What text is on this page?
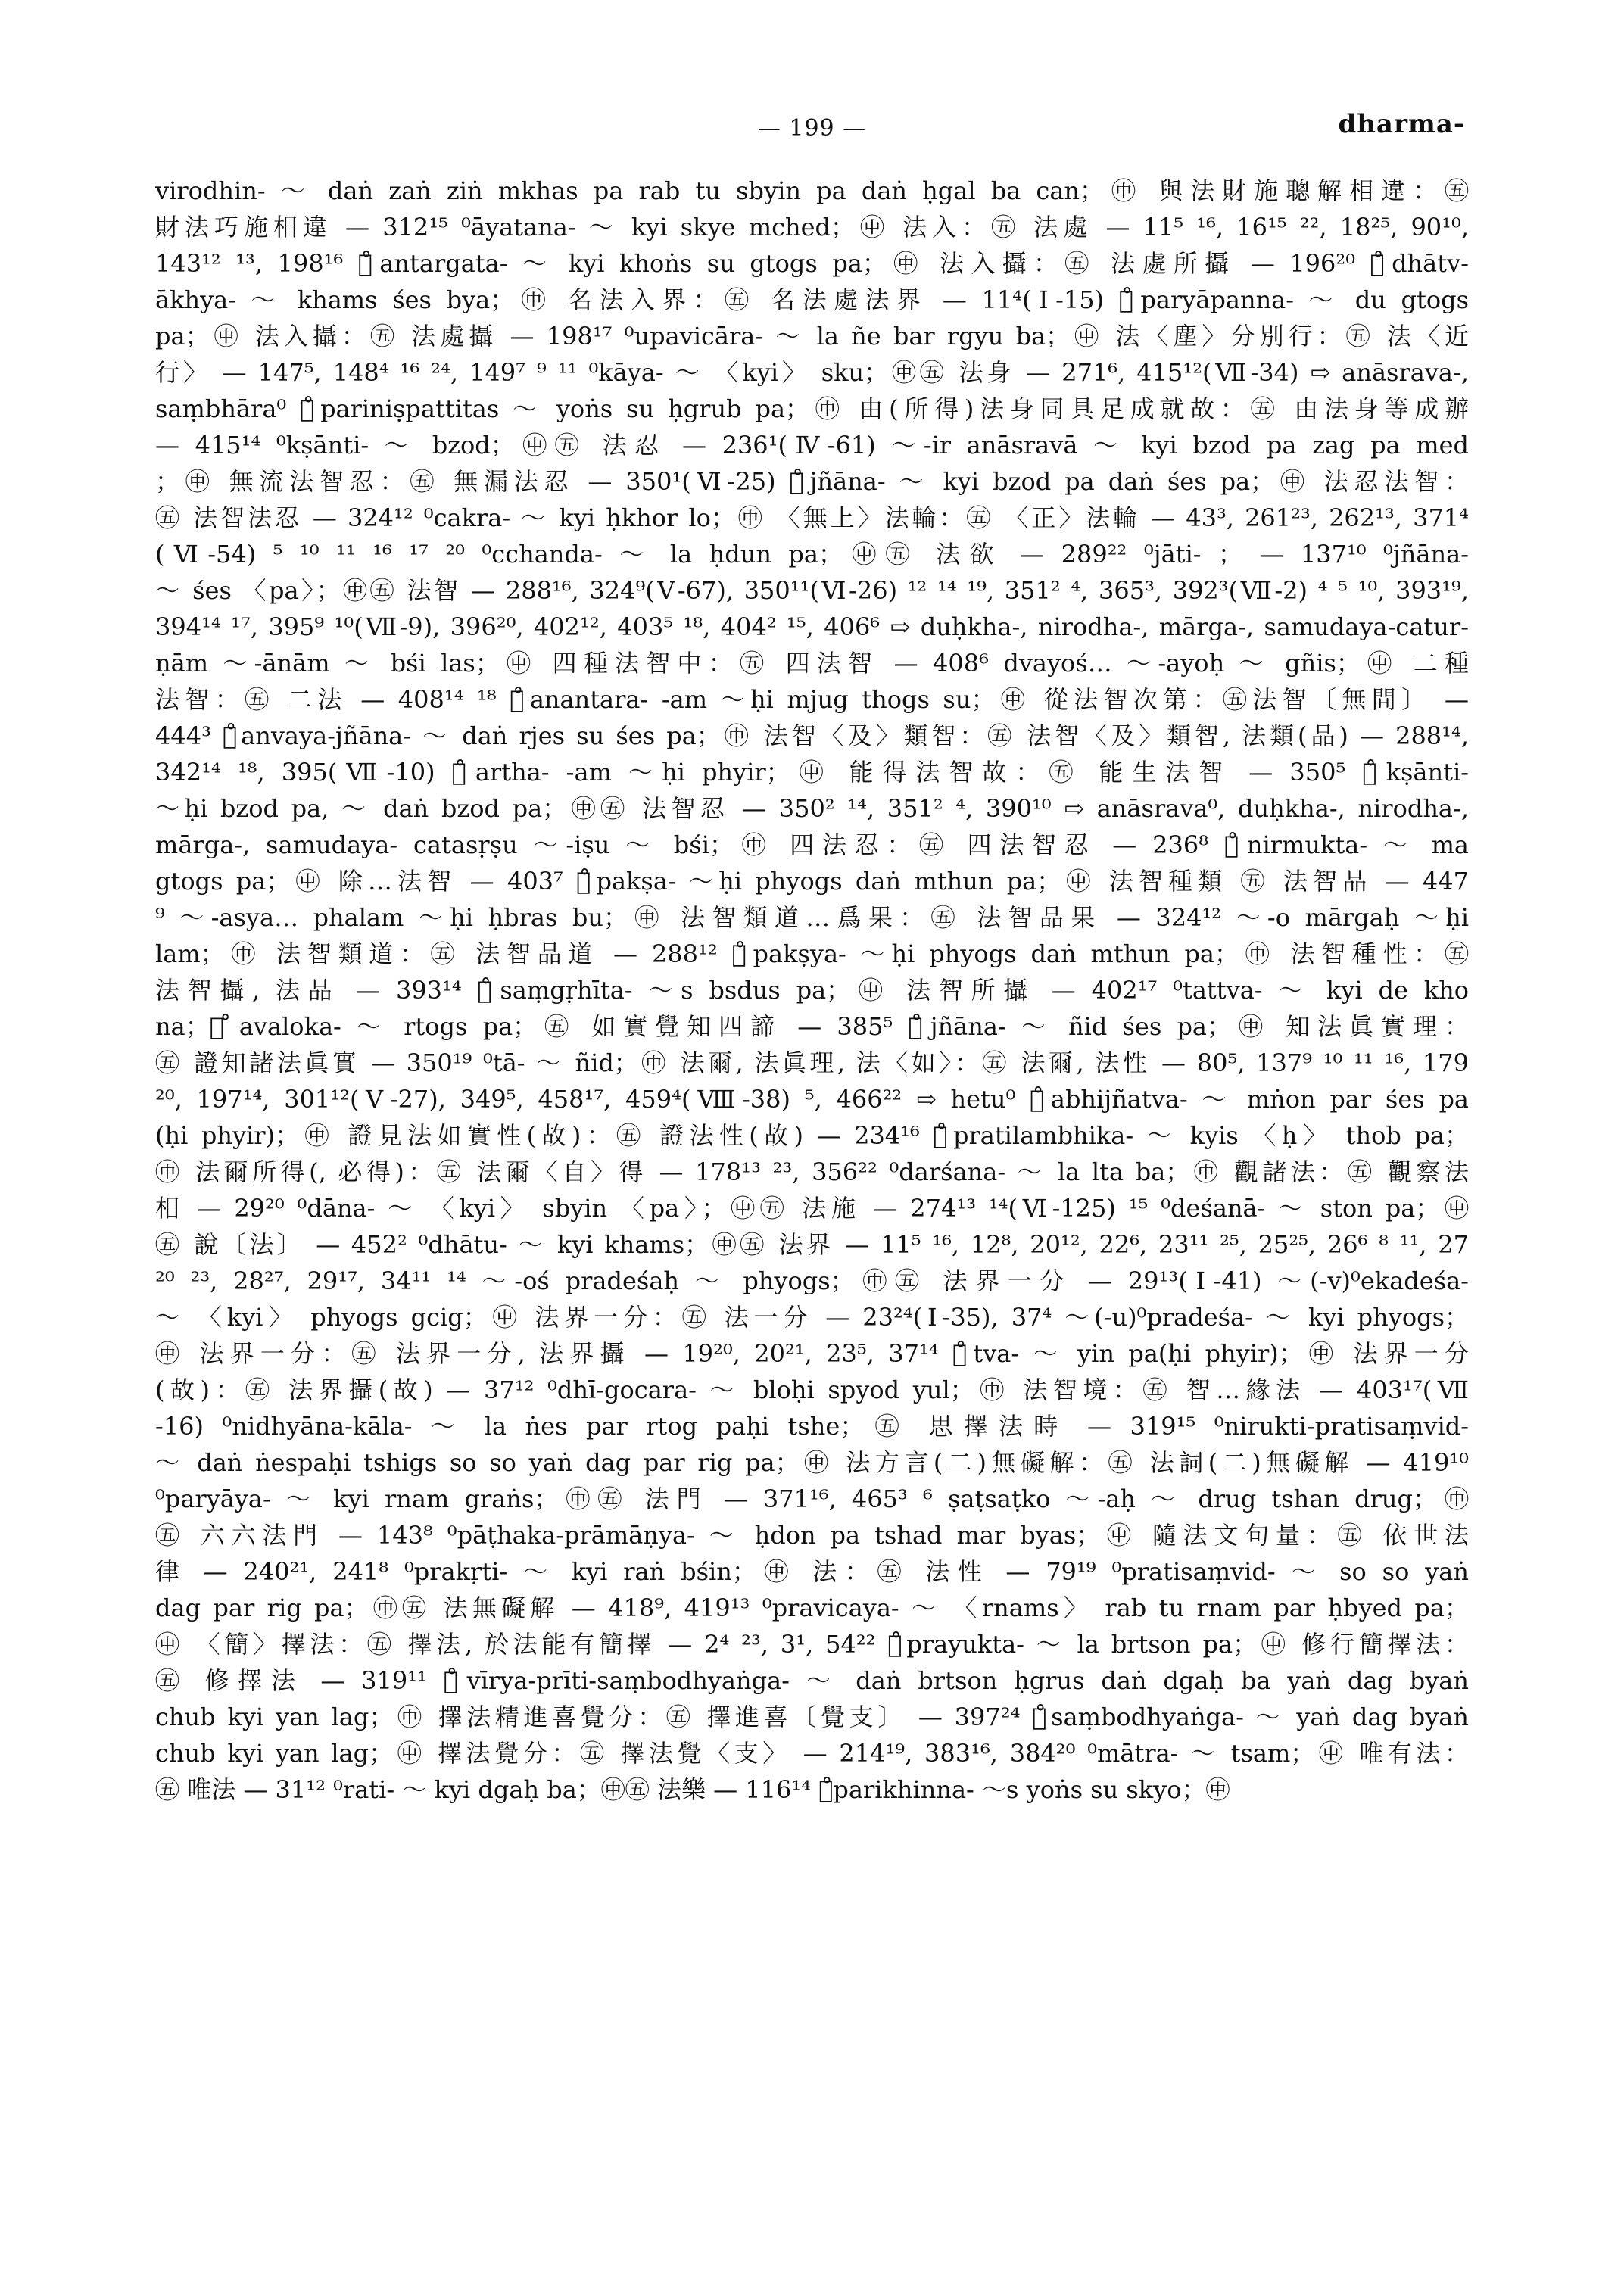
— 199 —	dharma-
virodhin- ～ daṅ zaṅ ziṅ mkhas pa rab tu sbyin pa daṅ ḥgal ba can；㊥ 與法財施聰解相違：㊄
財法巧施相違 — 312¹⁵ ⁰āyatana- ～ kyi skye mched；㊥ 法入：㊄ 法處 — 11⁵ ¹⁶, 16¹⁵ ²², 18²⁵, 90¹⁰,
143¹² ¹³, 198¹⁶ ～̊antargata- ～ kyi khoṅs su gtogs pa；㊥ 法入攝：㊄ 法處所攝 — 196²⁰ ～̊dhātv-
ākhya- ～ khams śes bya；㊥ 名法入界：㊄ 名法處法界 — 11⁴(Ⅰ-15) ～̊paryāpanna- ～ du gtogs
pa；㊥ 法入攝：㊄ 法處攝 — 198¹⁷ ⁰upavicāra- ～ la ñe bar rgyu ba；㊥ 法〈塵〉分別行：㊄ 法〈近
行〉 — 147⁵, 148⁴ ¹⁶ ²⁴, 149⁷ ⁹ ¹¹ ⁰kāya- ～ 〈kyi〉 sku；㊥㊄ 法身 — 271⁶, 415¹²(Ⅶ-34) ⇨ anāsrava-,
saṃbhāra⁰ ～̊pariniṣpattitas ～ yoṅs su ḥgrub pa；㊥ 由(所得)法身同具足成就故：㊄ 由法身等成辦
— 415¹⁴ ⁰kṣānti- ～ bzod；㊥㊄ 法忍 — 236¹(Ⅳ-61) ～-ir anāsravā ～ kyi bzod pa zag pa med
；㊥ 無流法智忍：㊄ 無漏法忍 — 350¹(Ⅵ-25) ～̊jñāna- ～ kyi bzod pa daṅ śes pa；㊥ 法忍法智：
㊄ 法智法忍 — 324¹² ⁰cakra- ～ kyi ḥkhor lo；㊥ 〈無上〉法輪：㊄ 〈正〉法輪 — 43³, 261²³, 262¹³, 371⁴
(Ⅵ-54) ⁵ ¹⁰ ¹¹ ¹⁶ ¹⁷ ²⁰ ⁰cchanda- ～ la ḥdun pa；㊥㊄ 法欲 — 289²² ⁰jāti- ； — 137¹⁰ ⁰jñāna-
～ śes 〈pa〉；㊥㊄ 法智 — 288¹⁶, 324⁹(Ⅴ-67), 350¹¹(Ⅵ-26) ¹² ¹⁴ ¹⁹, 351² ⁴, 365³, 392³(Ⅶ-2) ⁴ ⁵ ¹⁰, 393¹⁹,
394¹⁴ ¹⁷, 395⁹ ¹⁰(Ⅶ-9), 396²⁰, 402¹², 403⁵ ¹⁸, 404² ¹⁵, 406⁶ ⇨ duḥkha-, nirodha-, mārga-, samudaya-catur-
ṇām ～-ānām ～ bśi las；㊥ 四種法智中：㊄ 四法智 — 408⁶ dvayoś… ～-ayoḥ ～ gñis；㊥ 二種
法智：㊄ 二法 — 408¹⁴ ¹⁸ ～̊anantara- -am ～ḥi mjug thogs su；㊥ 從法智次第：㊄法智〔無間〕 —
444³ ～̊anvaya-jñāna- ～ daṅ rjes su śes pa；㊥ 法智〈及〉類智：㊄ 法智〈及〉類智, 法類(品) — 288¹⁴,
342¹⁴ ¹⁸, 395(Ⅶ-10) ～̊artha- -am ～ḥi phyir；㊥ 能得法智故：㊄ 能生法智 — 350⁵ ～̊kṣānti-
～ḥi bzod pa, ～ daṅ bzod pa；㊥㊄ 法智忍 — 350² ¹⁴, 351² ⁴, 390¹⁰ ⇨ anāsrava⁰, duḥkha-, nirodha-,
mārga-, samudaya- catasṛṣu ～-iṣu ～ bśi；㊥ 四法忍：㊄ 四法智忍 — 236⁸ ～̊nirmukta- ～ ma
gtogs pa；㊥ 除…法智 — 403⁷ ～̊pakṣa- ～ḥi phyogs daṅ mthun pa；㊥ 法智種類 ㊄ 法智品 — 447
⁹ ～-asya… phalam ～ḥi ḥbras bu；㊥ 法智類道…爲果：㊄ 法智品果 — 324¹² ～-o mārgaḥ ～ḥi
lam；㊥ 法智類道：㊄ 法智品道 — 288¹² ～̊pakṣya- ～ḥi phyogs daṅ mthun pa；㊥ 法智種性：㊄
法智攝, 法品 — 393¹⁴ ～̊saṃgṛhīta- ～s bsdus pa；㊥ 法智所攝 — 402¹⁷ ⁰tattva- ～ kyi de kho
na；～̊avaloka- ～ rtogs pa；㊄ 如實覺知四諦 — 385⁵ ～̊jñāna- ～ ñid śes pa；㊥ 知法眞實理：
㊄ 證知諸法眞實 — 350¹⁹ ⁰tā- ～ ñid；㊥ 法爾, 法眞理, 法〈如〉：㊄ 法爾, 法性 — 80⁵, 137⁹ ¹⁰ ¹¹ ¹⁶, 179
²⁰, 197¹⁴, 301¹²(Ⅴ-27), 349⁵, 458¹⁷, 459⁴(Ⅷ-38) ⁵, 466²² ⇨ hetu⁰ ～̊abhijñatva- ～ mṅon par śes pa
(ḥi phyir)；㊥ 證見法如實性(故)：㊄ 證法性(故) — 234¹⁶ ～̊pratilambhika- ～ kyis 〈ḥ〉 thob pa；
㊥ 法爾所得(, 必得)：㊄ 法爾〈自〉得 — 178¹³ ²³, 356²² ⁰darśana- ～ la lta ba；㊥ 觀諸法：㊄ 觀察法
相 — 29²⁰ ⁰dāna- ～ 〈kyi〉 sbyin 〈pa〉；㊥㊄ 法施 — 274¹³ ¹⁴(Ⅵ-125) ¹⁵ ⁰deśanā- ～ ston pa；㊥
㊄ 說〔法〕 — 452² ⁰dhātu- ～ kyi khams；㊥㊄ 法界 — 11⁵ ¹⁶, 12⁸, 20¹², 22⁶, 23¹¹ ²⁵, 25²⁵, 26⁶ ⁸ ¹¹, 27
²⁰ ²³, 28²⁷, 29¹⁷, 34¹¹ ¹⁴ ～-oś pradeśaḥ ～ phyogs；㊥㊄ 法界一分 — 29¹³(Ⅰ-41) ～(-v)⁰ekadeśa-
～ 〈kyi〉 phyogs gcig；㊥ 法界一分：㊄ 法一分 — 23²⁴(Ⅰ-35), 37⁴ ～(-u)⁰pradeśa- ～ kyi phyogs；
㊥ 法界一分：㊄ 法界一分, 法界攝 — 19²⁰, 20²¹, 23⁵, 37¹⁴ ～̊tva- ～ yin pa(ḥi phyir)；㊥ 法界一分
(故)：㊄ 法界攝(故) — 37¹² ⁰dhī-gocara- ～ bloḥi spyod yul；㊥ 法智境：㊄ 智…緣法 — 403¹⁷(Ⅶ
-16) ⁰nidhyāna-kāla- ～ la ṅes par rtog paḥi tshe；㊄ 思擇法時 — 319¹⁵ ⁰nirukti-pratisaṃvid-
～ daṅ ṅespaḥi tshigs so so yaṅ dag par rig pa；㊥ 法方言(二)無礙解：㊄ 法詞(二)無礙解 — 419¹⁰
⁰paryāya- ～ kyi rnam graṅs；㊥㊄ 法門 — 371¹⁶, 465³ ⁶ ṣaṭsaṭko ～-aḥ ～ drug tshan drug；㊥
㊄ 六六法門 — 143⁸ ⁰pāṭhaka-prāmāṇya- ～ ḥdon pa tshad mar byas；㊥ 隨法文句量：㊄ 依世法
律 — 240²¹, 241⁸ ⁰prakṛti- ～ kyi raṅ bśin；㊥ 法：㊄ 法性 — 79¹⁹ ⁰pratisaṃvid- ～ so so yaṅ
dag par rig pa；㊥㊄ 法無礙解 — 418⁹, 419¹³ ⁰pravicaya- ～ 〈rnams〉 rab tu rnam par ḥbyed pa；
㊥ 〈簡〉擇法：㊄ 擇法, 於法能有簡擇 — 2⁴ ²³, 3¹, 54²² ～̊prayukta- ～ la brtson pa；㊥ 修行簡擇法：
㊄ 修擇法 — 319¹¹ ～̊vīrya-prīti-saṃbodhyaṅga- ～ daṅ brtson ḥgrus daṅ dgaḥ ba yaṅ dag byaṅ
chub kyi yan lag；㊥ 擇法精進喜覺分：㊄ 擇進喜〔覺支〕 — 397²⁴ ～̊saṃbodhyaṅga- ～ yaṅ dag byaṅ
chub kyi yan lag；㊥ 擇法覺分：㊄ 擇法覺〈支〉 — 214¹⁹, 383¹⁶, 384²⁰ ⁰mātra- ～ tsam；㊥ 唯有法：
㊄ 唯法 — 31¹² ⁰rati- ～ kyi dgaḥ ba；㊥㊄ 法樂 — 116¹⁴ ～̊parikhinna- ～s yoṅs su skyo；㊥
